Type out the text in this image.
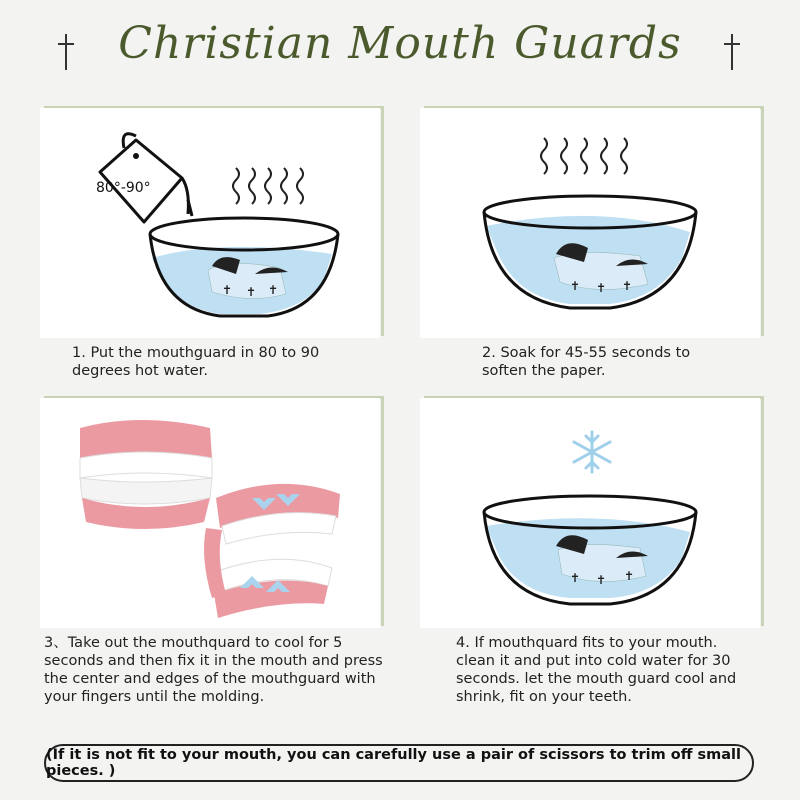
Christian Mouth Guards
✝ ✝ ✝
80°-90°
1. Put the mouthguard in 80 to 90
degrees hot water.
✝ ✝ ✝
2. Soak for 45-55 seconds to
soften the paper.
3、Take out the mouthquard to cool for 5
seconds and then fix it in the mouth and press
the center and edges of the mouthguard with
your fingers until the molding.
✝ ✝ ✝
4. If mouthquard fits to your mouth.
clean it and put into cold water for 30
seconds. let the mouth guard cool and
shrink, fit on your teeth.
(If it is not fit to your mouth, you can carefully use a pair of scissors to trim off small pieces. )
